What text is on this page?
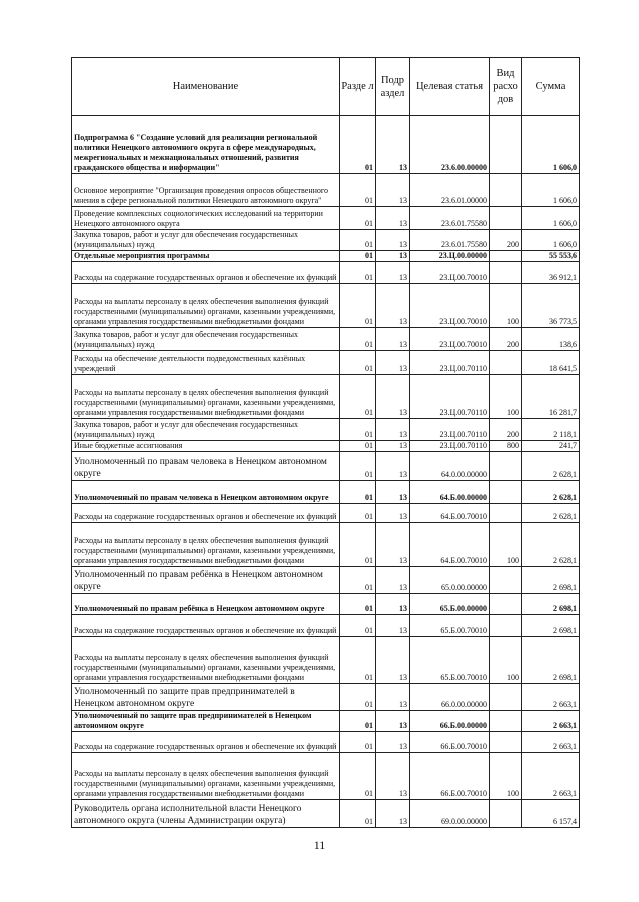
Наименование	Разде л	Подр аздел	Целевая статья	Вид расхо дов	Сумма
Подпрограмма 6 "Создание условий для реализации региональной политики Ненецкого автономного округа в сфере международных, межрегиональных и межнациональных отношений, развития гражданского общества и информации"	01	13	23.6.00.00000		1 606,0
Основное мероприятие "Организация проведения опросов общественного мнения в сфере региональной политики Ненецкого автономного округа"	01	13	23.6.01.00000		1 606,0
Проведение комплексных социологических исследований на территории Ненецкого автономного округа	01	13	23.6.01.75580		1 606,0
Закупка товаров, работ и услуг для обеспечения государственных (муниципальных) нужд	01	13	23.6.01.75580	200	1 606,0
Отдельные мероприятия программы	01	13	23.Ц.00.00000		55 553,6
Расходы на содержание государственных органов и обеспечение их функций	01	13	23.Ц.00.70010		36 912,1
Расходы на выплаты персоналу в целях обеспечения выполнения функций государственными (муниципальными) органами, казенными учреждениями, органами управления государственными внебюджетными фондами	01	13	23.Ц.00.70010	100	36 773,5
Закупка товаров, работ и услуг для обеспечения государственных (муниципальных) нужд	01	13	23.Ц.00.70010	200	138,6
Расходы на обеспечение деятельности подведомственных казённых учреждений	01	13	23.Ц.00.70110		18 641,5
Расходы на выплаты персоналу в целях обеспечения выполнения функций государственными (муниципальными) органами, казенными учреждениями, органами управления государственными внебюджетными фондами	01	13	23.Ц.00.70110	100	16 281,7
Закупка товаров, работ и услуг для обеспечения государственных (муниципальных) нужд	01	13	23.Ц.00.70110	200	2 118,1
Иные бюджетные ассигнования	01	13	23.Ц.00.70110	800	241,7
Уполномоченный по правам человека в Ненецком автономном округе	01	13	64.0.00.00000		2 628,1
Уполномоченный по правам человека в Ненецком автономном округе	01	13	64.Б.00.00000		2 628,1
Расходы на содержание государственных органов и обеспечение их функций	01	13	64.Б.00.70010		2 628,1
Расходы на выплаты персоналу в целях обеспечения выполнения функций государственными (муниципальными) органами, казенными учреждениями, органами управления государственными внебюджетными фондами	01	13	64.Б.00.70010	100	2 628,1
Уполномоченный по правам ребёнка в Ненецком автономном округе	01	13	65.0.00.00000		2 698,1
Уполномоченный по правам ребёнка в Ненецком автономном округе	01	13	65.Б.00.00000		2 698,1
Расходы на содержание государственных органов и обеспечение их функций	01	13	65.Б.00.70010		2 698,1
Расходы на выплаты персоналу в целях обеспечения выполнения функций государственными (муниципальными) органами, казенными учреждениями, органами управления государственными внебюджетными фондами	01	13	65.Б.00.70010	100	2 698,1
Уполномоченный по защите прав предпринимателей в Ненецком автономном округе	01	13	66.0.00.00000		2 663,1
Уполномоченный по защите прав предпринимателей в Ненецком автономном округе	01	13	66.Б.00.00000		2 663,1
Расходы на содержание государственных органов и обеспечение их функций	01	13	66.Б.00.70010		2 663,1
Расходы на выплаты персоналу в целях обеспечения выполнения функций государственными (муниципальными) органами, казенными учреждениями, органами управления государственными внебюджетными фондами	01	13	66.Б.00.70010	100	2 663,1
Руководитель органа исполнительной власти Ненецкого автономного округа (члены Администрации округа)	01	13	69.0.00.00000		6 157,4
11
